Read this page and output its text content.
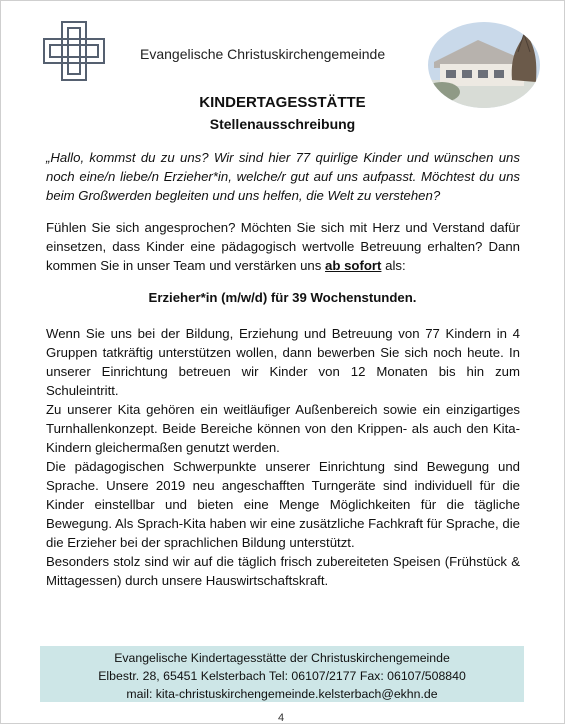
Evangelische Christuskirchengemeinde
KINDERTAGESSTÄTTE
Stellenausschreibung
„Hallo, kommst du zu uns? Wir sind hier 77 quirlige Kinder und wünschen uns noch eine/n liebe/n Erzieher*in, welche/r gut auf uns aufpasst. Möchtest du uns beim Großwerden begleiten und uns helfen, die Welt zu verstehen?
Fühlen Sie sich angesprochen? Möchten Sie sich mit Herz und Verstand dafür einsetzen, dass Kinder eine pädagogisch wertvolle Betreuung erhalten? Dann kommen Sie in unser Team und verstärken uns ab sofort als:
Erzieher*in (m/w/d) für 39 Wochenstunden.
Wenn Sie uns bei der Bildung, Erziehung und Betreuung von 77 Kindern in 4 Gruppen tatkräftig unterstützen wollen, dann bewerben Sie sich noch heute. In unserer Einrichtung betreuen wir Kinder von 12 Monaten bis hin zum Schuleintritt.
Zu unserer Kita gehören ein weitläufiger Außenbereich sowie ein einzigartiges Turnhallenkonzept. Beide Bereiche können von den Krippen- als auch den Kita-Kindern gleichermaßen genutzt werden.
Die pädagogischen Schwerpunkte unserer Einrichtung sind Bewegung und Sprache. Unsere 2019 neu angeschafften Turngeräte sind individuell für die Kinder einstellbar und bieten eine Menge Möglichkeiten für die tägliche Bewegung. Als Sprach-Kita haben wir eine zusätzliche Fachkraft für Sprache, die die Erzieher bei der sprachlichen Bildung unterstützt.
Besonders stolz sind wir auf die täglich frisch zubereiteten Speisen (Frühstück & Mittagessen) durch unsere Hauswirtschaftskraft.
Evangelische Kindertagesstätte der Christuskirchengemeinde
Elbestr. 28, 65451 Kelsterbach Tel: 06107/2177 Fax: 06107/508840
mail: kita-christuskirchengemeinde.kelsterbach@ekhn.de
4
